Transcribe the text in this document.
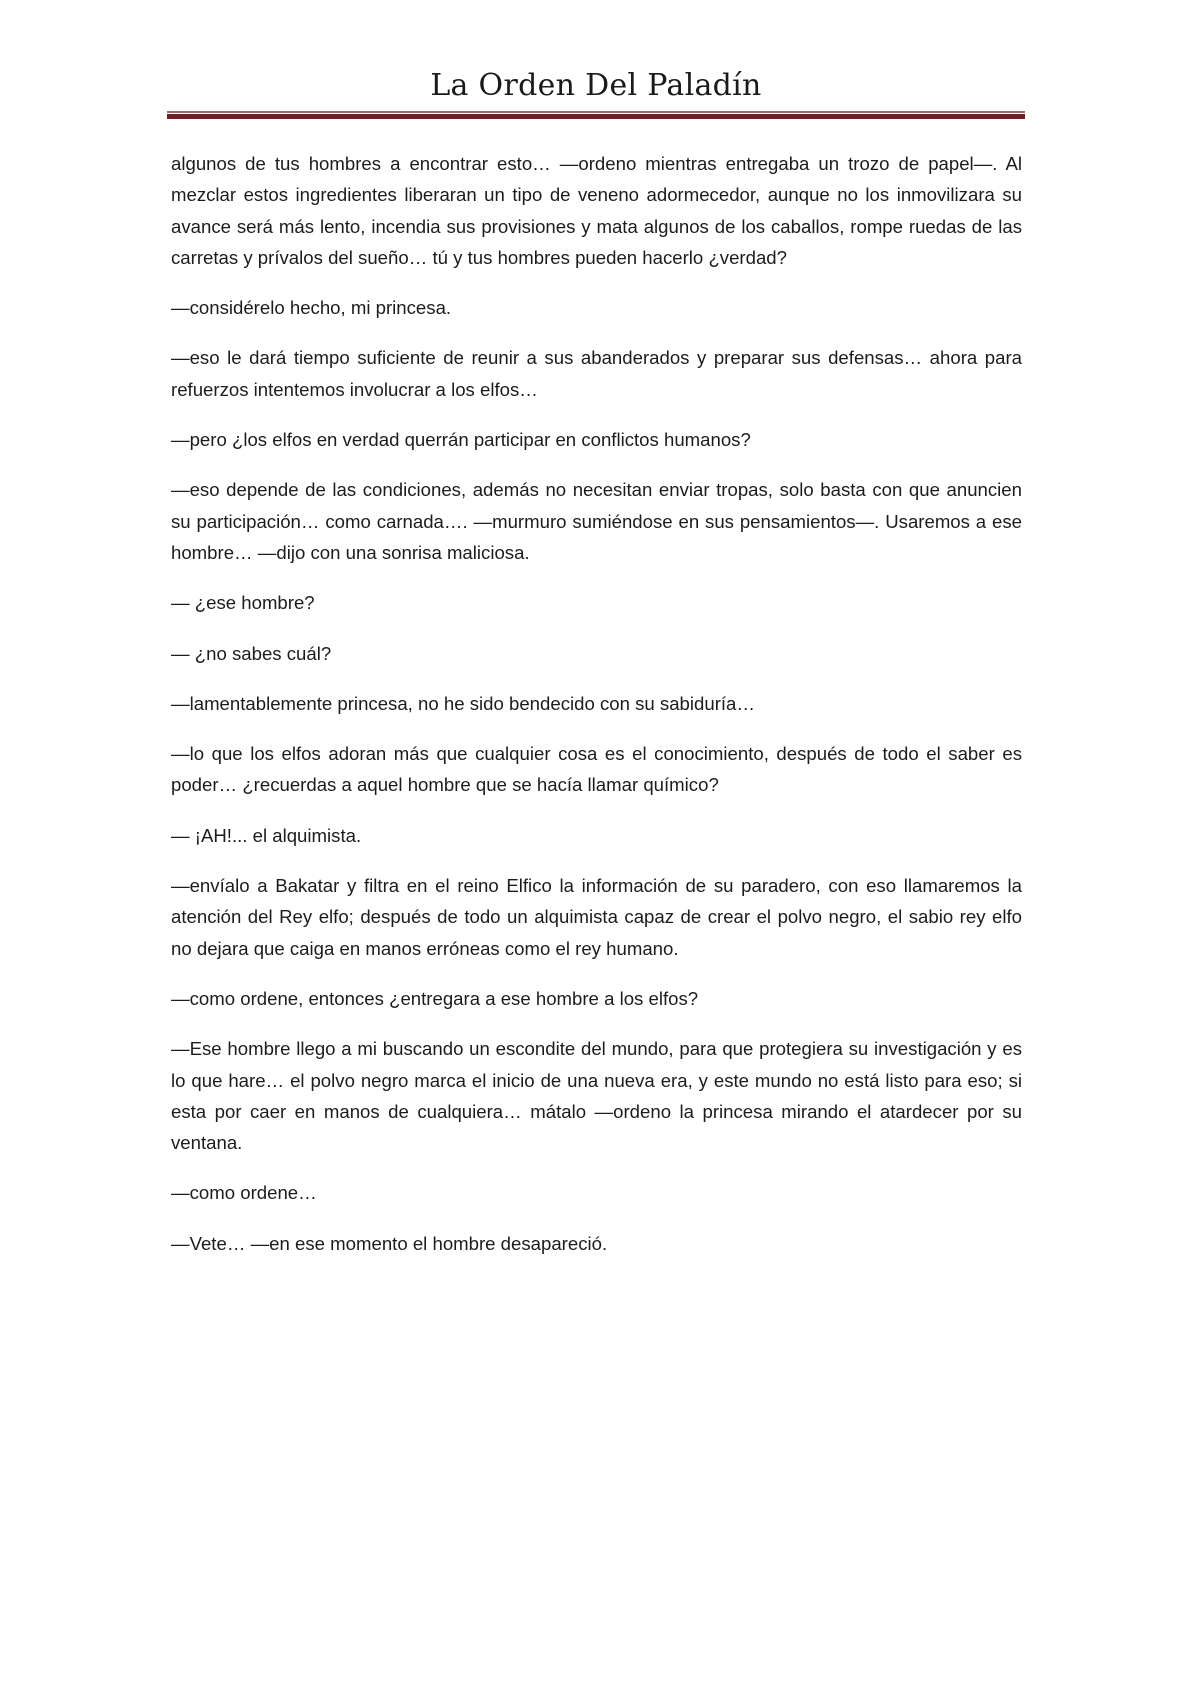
La Orden Del Paladín

algunos de tus hombres a encontrar esto… —ordeno mientras entregaba un trozo de papel—. Al mezclar estos ingredientes liberaran un tipo de veneno adormecedor, aunque no los inmovilizara su avance será más lento, incendia sus provisiones y mata algunos de los caballos, rompe ruedas de las carretas y prívalos del sueño… tú y tus hombres pueden hacerlo ¿verdad?

—considérelo hecho, mi princesa.

—eso le dará tiempo suficiente de reunir a sus abanderados y preparar sus defensas… ahora para refuerzos intentemos involucrar a los elfos…

—pero ¿los elfos en verdad querrán participar en conflictos humanos?

—eso depende de las condiciones, además no necesitan enviar tropas, solo basta con que anuncien su participación… como carnada…. —murmuro sumiéndose en sus pensamientos—. Usaremos a ese hombre… —dijo con una sonrisa maliciosa.

— ¿ese hombre?

— ¿no sabes cuál?

—lamentablemente princesa, no he sido bendecido con su sabiduría…

—lo que los elfos adoran más que cualquier cosa es el conocimiento, después de todo el saber es poder… ¿recuerdas a aquel hombre que se hacía llamar químico?

— ¡AH!... el alquimista.

—envíalo a Bakatar y filtra en el reino Elfico la información de su paradero, con eso llamaremos la atención del Rey elfo; después de todo un alquimista capaz de crear el polvo negro, el sabio rey elfo no dejara que caiga en manos erróneas como el rey humano.

—como ordene, entonces ¿entregara a ese hombre a los elfos?

—Ese hombre llego a mi buscando un escondite del mundo, para que protegiera su investigación y es lo que hare… el polvo negro marca el inicio de una nueva era, y este mundo no está listo para eso; si esta por caer en manos de cualquiera… mátalo —ordeno la princesa mirando el atardecer por su ventana.

—como ordene…

—Vete… —en ese momento el hombre desapareció.
